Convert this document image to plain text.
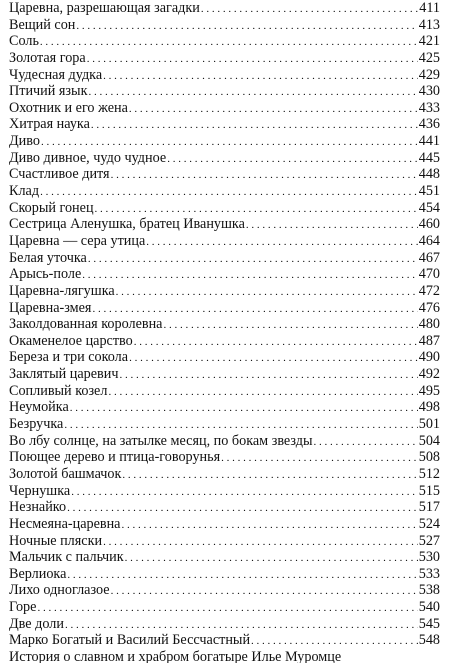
Царевна, разрешающая загадки . . .	411
Вещий сон . . .	413
Соль . . .	421
Золотая гора . . .	425
Чудесная дудка . . .	429
Птичий язык . . .	430
Охотник и его жена . . .	433
Хитрая наука . . .	436
Диво . . .	441
Диво дивное, чудо чудное . . .	445
Счастливое дитя . . .	448
Клад . . .	451
Скорый гонец . . .	454
Сестрица Аленушка, братец Иванушка . . .	460
Царевна — сера утица . . .	464
Белая уточка . . .	467
Арысь-поле . . .	470
Царевна-лягушка . . .	472
Царевна-змея . . .	476
Заколдованная королевна . . .	480
Окаменелое царство . . .	487
Береза и три сокола . . .	490
Заклятый царевич . . .	492
Сопливый козел . . .	495
Неумойка . . .	498
Безручка . . .	501
Во лбу солнце, на затылке месяц, по бокам звезды . . .	504
Поющее дерево и птица-говорунья . . .	508
Золотой башмачок . . .	512
Чернушка . . .	515
Незнайко . . .	517
Несмеяна-царевна . . .	524
Ночные пляски . . .	527
Мальчик с пальчик . . .	530
Верлиока . . .	533
Лихо одноглазое . . .	538
Горе . . .	540
Две доли . . .	545
Марко Богатый и Василий Бессчастный . . .	548
История о славном и храбром богатыре Илье Муромце
